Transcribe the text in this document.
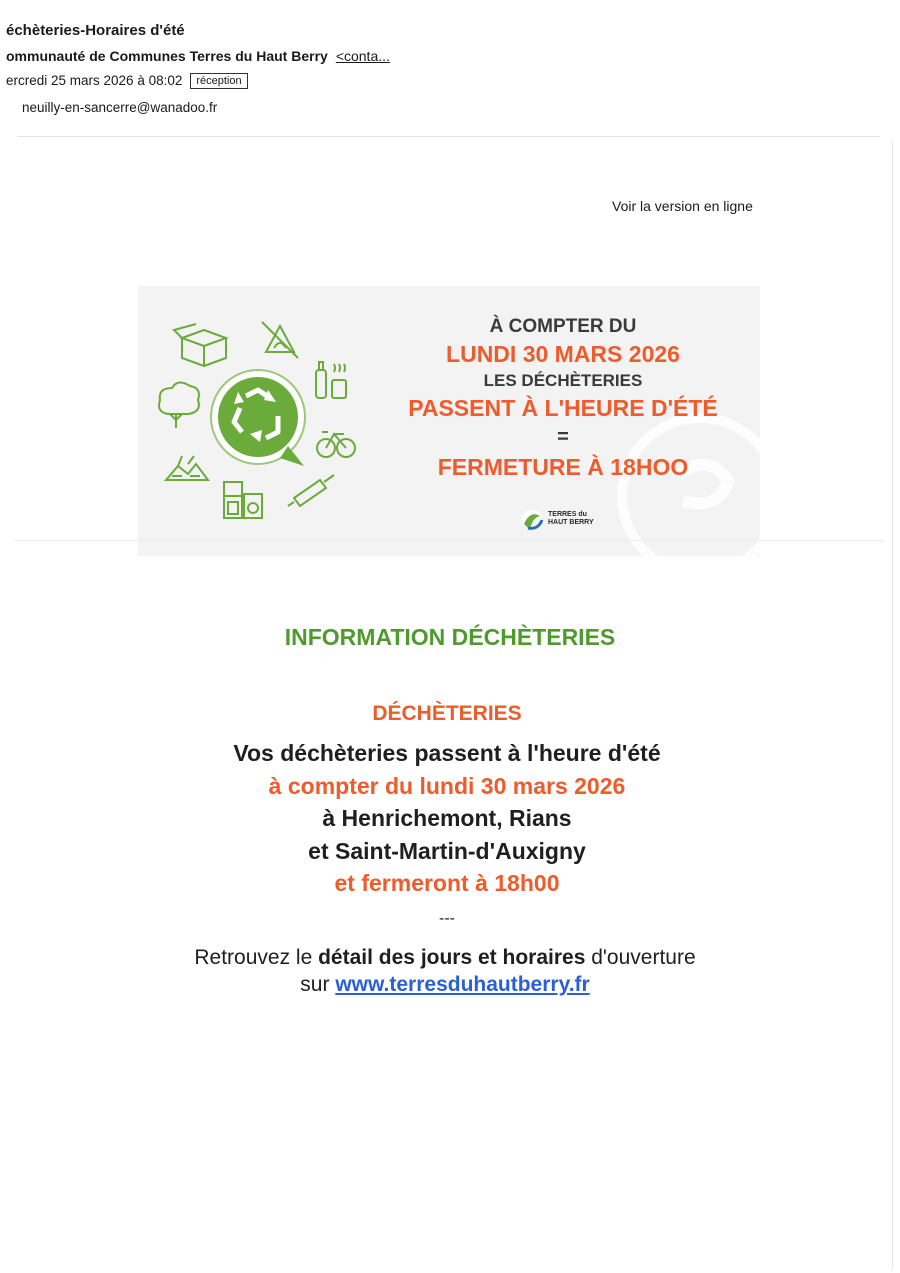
échèteries-Horaires d'été
ommunauté de Communes Terres du Haut Berry <conta...
ercredi 25 mars 2026 à 08:02 réception
neuilly-en-sancerre@wanadoo.fr
Voir la version en ligne
À COMPTER DU
LUNDI 30 MARS 2026
LES DÉCHÈTERIES
PASSENT À L'HEURE D'ÉTÉ
=
FERMETURE À 18HOO
TERRES du
HAUT BERRY
INFORMATION DÉCHÈTERIES
DÉCHÈTERIES
Vos déchèteries passent à l'heure d'été
à compter du lundi 30 mars 2026
à Henrichemont, Rians
et Saint-Martin-d'Auxigny
et fermeront à 18h00
---
Retrouvez le détail des jours et horaires d'ouverture
sur www.terresduhautberry.fr
